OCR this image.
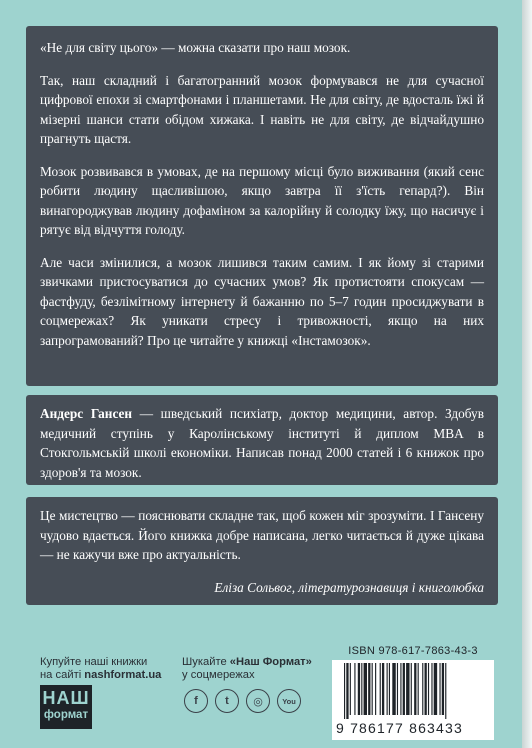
«Не для світу цього» — можна сказати про наш мозок.

Так, наш складний і багатогранний мозок формувався не для сучасної цифрової епохи зі смартфонами і планшетами. Не для світу, де вдосталь їжі й мізерні шанси стати обідом хижака. І навіть не для світу, де відчайдушно прагнуть щастя.

Мозок розвивався в умовах, де на першому місці було виживання (який сенс робити людину щасливішою, якщо завтра її з'їсть гепард?). Він винагороджував людину дофаміном за калорійну й солодку їжу, що насичує і рятує від відчуття голоду.

Але часи змінилися, а мозок лишився таким самим. І як йому зі старими звичками пристосуватися до сучасних умов? Як протистояти спокусам — фастфуду, безлімітному інтернету й бажанню по 5–7 годин просиджувати в соцмережах? Як уникати стресу і тривожності, якщо на них запрограмований? Про це читайте у книжці «Інстамозок».

Андерс Гансен — шведський психіатр, доктор медицини, автор. Здобув медичний ступінь у Каролінському інституті й диплом MBA в Стокгольмській школі економіки. Написав понад 2000 статей і 6 книжок про здоров'я та мозок.

Це мистецтво — пояснювати складне так, щоб кожен міг зрозуміти. І Гансену чудово вдається. Його книжка добре написана, легко читається й дуже цікава — не кажучи вже про актуальність.

Еліза Сольвог, літературознавиця і книголюбка
Купуйте наші книжки
на сайті nashformat.ua
НАШ
формат
Шукайте «Наш Формат»
у соцмережах
f	t	◎	You
ISBN 978-617-7863-43-3
9 786177 863433
